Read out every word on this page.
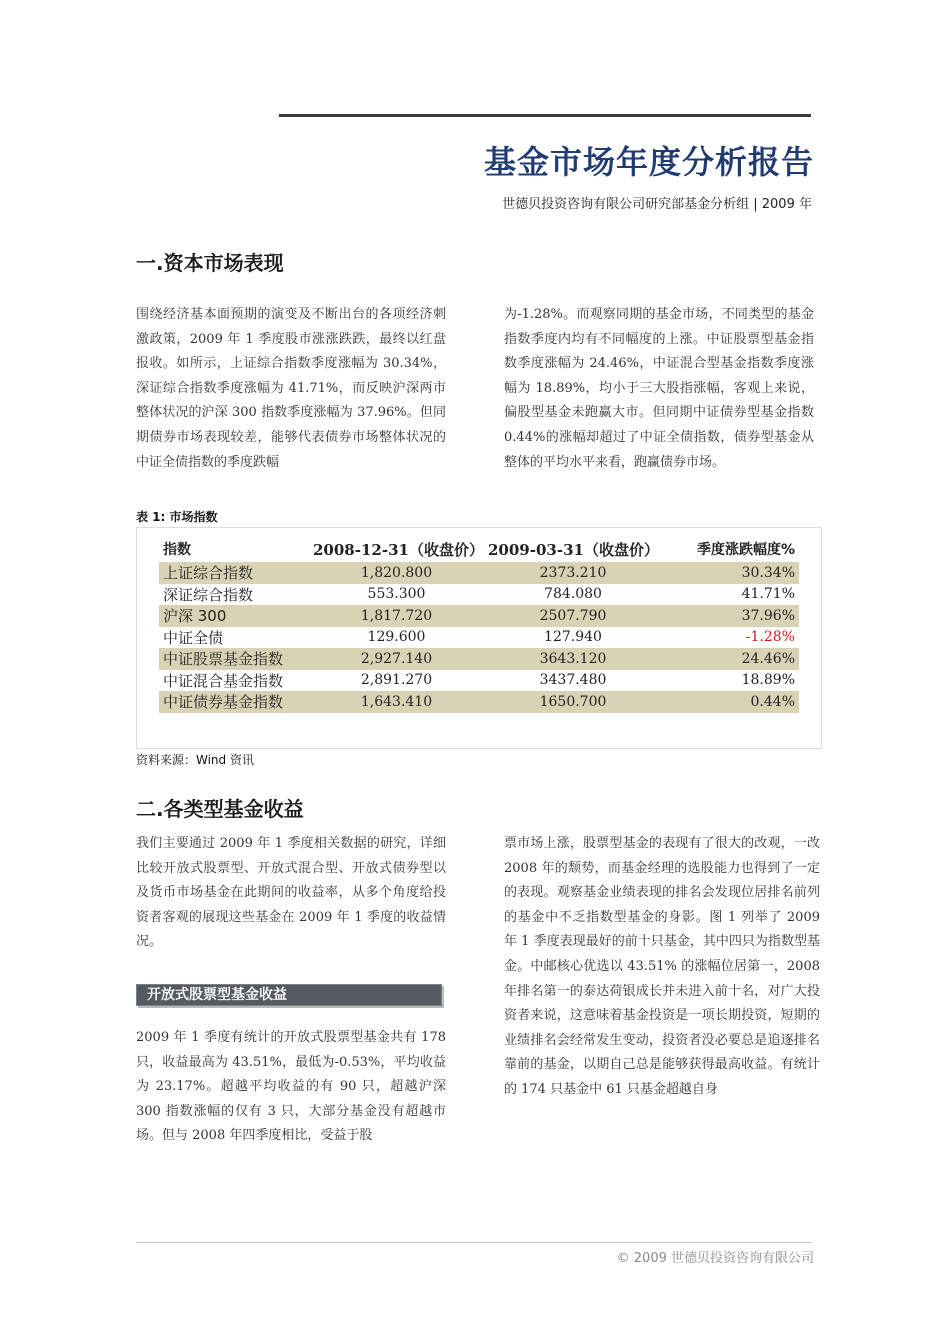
基金市场年度分析报告
世德贝投资咨询有限公司研究部基金分析组 | 2009 年
一.资本市场表现
围绕经济基本面预期的演变及不断出台的各项经济刺激政策，2009 年 1 季度股市涨涨跌跌，最终以红盘报收。如所示，上证综合指数季度涨幅为 30.34%，深证综合指数季度涨幅为 41.71%，而反映沪深两市整体状况的沪深 300 指数季度涨幅为 37.96%。但同期债券市场表现较差，能够代表债券市场整体状况的中证全债指数的季度跌幅
为-1.28%。而观察同期的基金市场，不同类型的基金指数季度内均有不同幅度的上涨。中证股票型基金指数季度涨幅为 24.46%，中证混合型基金指数季度涨幅为 18.89%，均小于三大股指涨幅，客观上来说，偏股型基金未跑赢大市。但同期中证债券型基金指数 0.44%的涨幅却超过了中证全债指数，债券型基金从整体的平均水平来看，跑赢债券市场。
表 1: 市场指数
指数	2008-12-31（收盘价）	2009-03-31（收盘价）	季度涨跌幅度%
上证综合指数	1,820.800	2373.210	30.34%
深证综合指数	553.300	784.080	41.71%
沪深 300	1,817.720	2507.790	37.96%
中证全债	129.600	127.940	-1.28%
中证股票基金指数	2,927.140	3643.120	24.46%
中证混合基金指数	2,891.270	3437.480	18.89%
中证债券基金指数	1,643.410	1650.700	0.44%
资料来源：Wind 资讯
二.各类型基金收益
我们主要通过 2009 年 1 季度相关数据的研究，详细比较开放式股票型、开放式混合型、开放式债券型以及货币市场基金在此期间的收益率，从多个角度给投资者客观的展现这些基金在 2009 年 1 季度的收益情况。
开放式股票型基金收益
2009 年 1 季度有统计的开放式股票型基金共有 178 只，收益最高为 43.51%，最低为-0.53%，平均收益为 23.17%。超越平均收益的有 90 只，超越沪深 300 指数涨幅的仅有 3 只，大部分基金没有超越市场。但与 2008 年四季度相比，受益于股
票市场上涨，股票型基金的表现有了很大的改观，一改 2008 年的颓势，而基金经理的选股能力也得到了一定的表现。观察基金业绩表现的排名会发现位居排名前列的基金中不乏指数型基金的身影。图 1 列举了 2009 年 1 季度表现最好的前十只基金，其中四只为指数型基金。中邮核心优选以 43.51% 的涨幅位居第一，2008 年排名第一的泰达荷银成长并未进入前十名，对广大投资者来说，这意味着基金投资是一项长期投资，短期的业绩排名会经常发生变动，投资者没必要总是追逐排名靠前的基金，以期自己总是能够获得最高收益。有统计的 174 只基金中 61 只基金超越自身
© 2009 世德贝投资咨询有限公司
